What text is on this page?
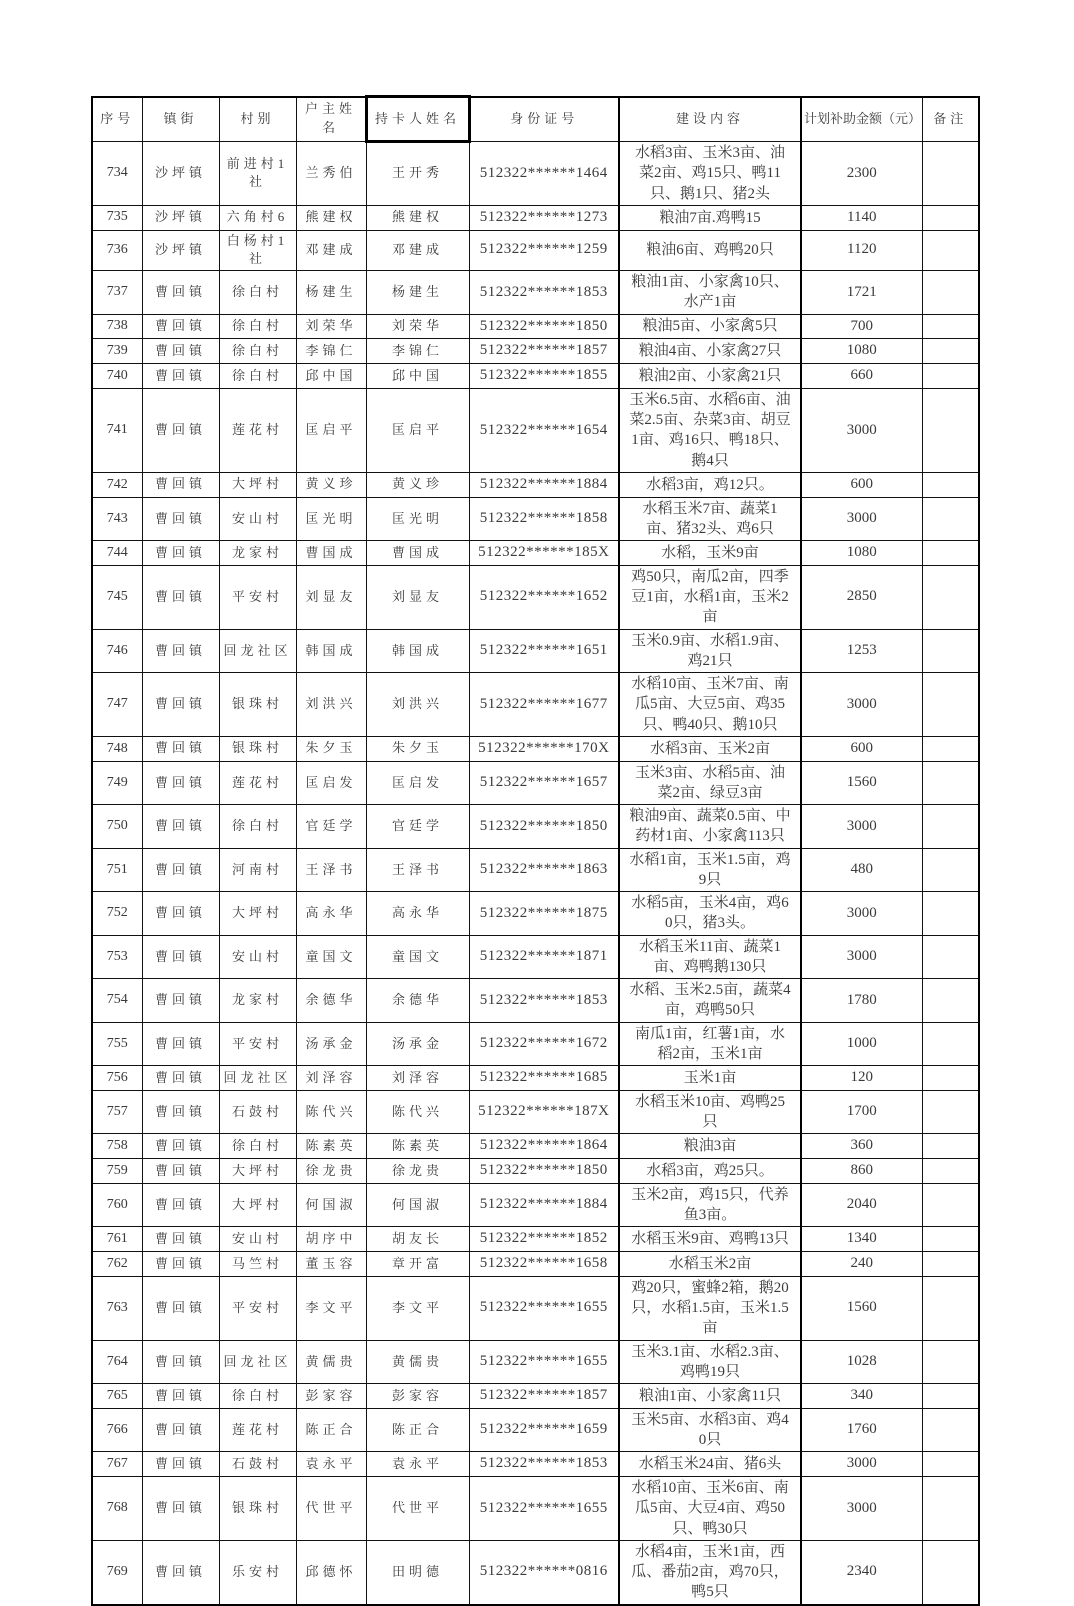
序号	镇街	村别	户主姓名	持卡人姓名	身份证号	建设内容	计划补助金额（元）	备注
734	沙坪镇	前进村1社	兰秀伯	王开秀	512322******1464	水稻3亩、玉米3亩、油菜2亩、鸡15只、鸭11只、鹅1只、猪2头	2300	
735	沙坪镇	六角村6	熊建权	熊建权	512322******1273	粮油7亩.鸡鸭15	1140	
736	沙坪镇	白杨村1社	邓建成	邓建成	512322******1259	粮油6亩、鸡鸭20只	1120	
737	曹回镇	徐白村	杨建生	杨建生	512322******1853	粮油1亩、小家禽10只、水产1亩	1721	
738	曹回镇	徐白村	刘荣华	刘荣华	512322******1850	粮油5亩、小家禽5只	700	
739	曹回镇	徐白村	李锦仁	李锦仁	512322******1857	粮油4亩、小家禽27只	1080	
740	曹回镇	徐白村	邱中国	邱中国	512322******1855	粮油2亩、小家禽21只	660	
741	曹回镇	莲花村	匡启平	匡启平	512322******1654	玉米6.5亩、水稻6亩、油菜2.5亩、杂菜3亩、胡豆1亩、鸡16只、鸭18只、鹅4只	3000	
742	曹回镇	大坪村	黄义珍	黄义珍	512322******1884	水稻3亩，鸡12只。	600	
743	曹回镇	安山村	匡光明	匡光明	512322******1858	水稻玉米7亩、蔬菜1亩、猪32头、鸡6只	3000	
744	曹回镇	龙家村	曹国成	曹国成	512322******185X	水稻，玉米9亩	1080	
745	曹回镇	平安村	刘显友	刘显友	512322******1652	鸡50只，南瓜2亩，四季豆1亩，水稻1亩，玉米2亩	2850	
746	曹回镇	回龙社区	韩国成	韩国成	512322******1651	玉米0.9亩、水稻1.9亩、鸡21只	1253	
747	曹回镇	银珠村	刘洪兴	刘洪兴	512322******1677	水稻10亩、玉米7亩、南瓜5亩、大豆5亩、鸡35只、鸭40只、鹅10只	3000	
748	曹回镇	银珠村	朱夕玉	朱夕玉	512322******170X	水稻3亩、玉米2亩	600	
749	曹回镇	莲花村	匡启发	匡启发	512322******1657	玉米3亩、水稻5亩、油菜2亩、绿豆3亩	1560	
750	曹回镇	徐白村	官廷学	官廷学	512322******1850	粮油9亩、蔬菜0.5亩、中药材1亩、小家禽113只	3000	
751	曹回镇	河南村	王泽书	王泽书	512322******1863	水稻1亩，玉米1.5亩，鸡9只	480	
752	曹回镇	大坪村	高永华	高永华	512322******1875	水稻5亩，玉米4亩，鸡60只，猪3头。	3000	
753	曹回镇	安山村	童国文	童国文	512322******1871	水稻玉米11亩、蔬菜1亩、鸡鸭鹅130只	3000	
754	曹回镇	龙家村	余德华	余德华	512322******1853	水稻、玉米2.5亩，蔬菜4亩，鸡鸭50只	1780	
755	曹回镇	平安村	汤承金	汤承金	512322******1672	南瓜1亩，红薯1亩，水稻2亩，玉米1亩	1000	
756	曹回镇	回龙社区	刘泽容	刘泽容	512322******1685	玉米1亩	120	
757	曹回镇	石鼓村	陈代兴	陈代兴	512322******187X	水稻玉米10亩、鸡鸭25只	1700	
758	曹回镇	徐白村	陈素英	陈素英	512322******1864	粮油3亩	360	
759	曹回镇	大坪村	徐龙贵	徐龙贵	512322******1850	水稻3亩，鸡25只。	860	
760	曹回镇	大坪村	何国淑	何国淑	512322******1884	玉米2亩，鸡15只，代养鱼3亩。	2040	
761	曹回镇	安山村	胡序中	胡友长	512322******1852	水稻玉米9亩、鸡鸭13只	1340	
762	曹回镇	马竺村	董玉容	章开富	512322******1658	水稻玉米2亩	240	
763	曹回镇	平安村	李文平	李文平	512322******1655	鸡20只，蜜蜂2箱，鹅20只，水稻1.5亩，玉米1.5亩	1560	
764	曹回镇	回龙社区	黄儒贵	黄儒贵	512322******1655	玉米3.1亩、水稻2.3亩、鸡鸭19只	1028	
765	曹回镇	徐白村	彭家容	彭家容	512322******1857	粮油1亩、小家禽11只	340	
766	曹回镇	莲花村	陈正合	陈正合	512322******1659	玉米5亩、水稻3亩、鸡40只	1760	
767	曹回镇	石鼓村	袁永平	袁永平	512322******1853	水稻玉米24亩、猪6头	3000	
768	曹回镇	银珠村	代世平	代世平	512322******1655	水稻10亩、玉米6亩、南瓜5亩、大豆4亩、鸡50只、鸭30只	3000	
769	曹回镇	乐安村	邱德怀	田明德	512322******0816	水稻4亩，玉米1亩，西瓜、番茄2亩，鸡70只，鸭5只	2340	
